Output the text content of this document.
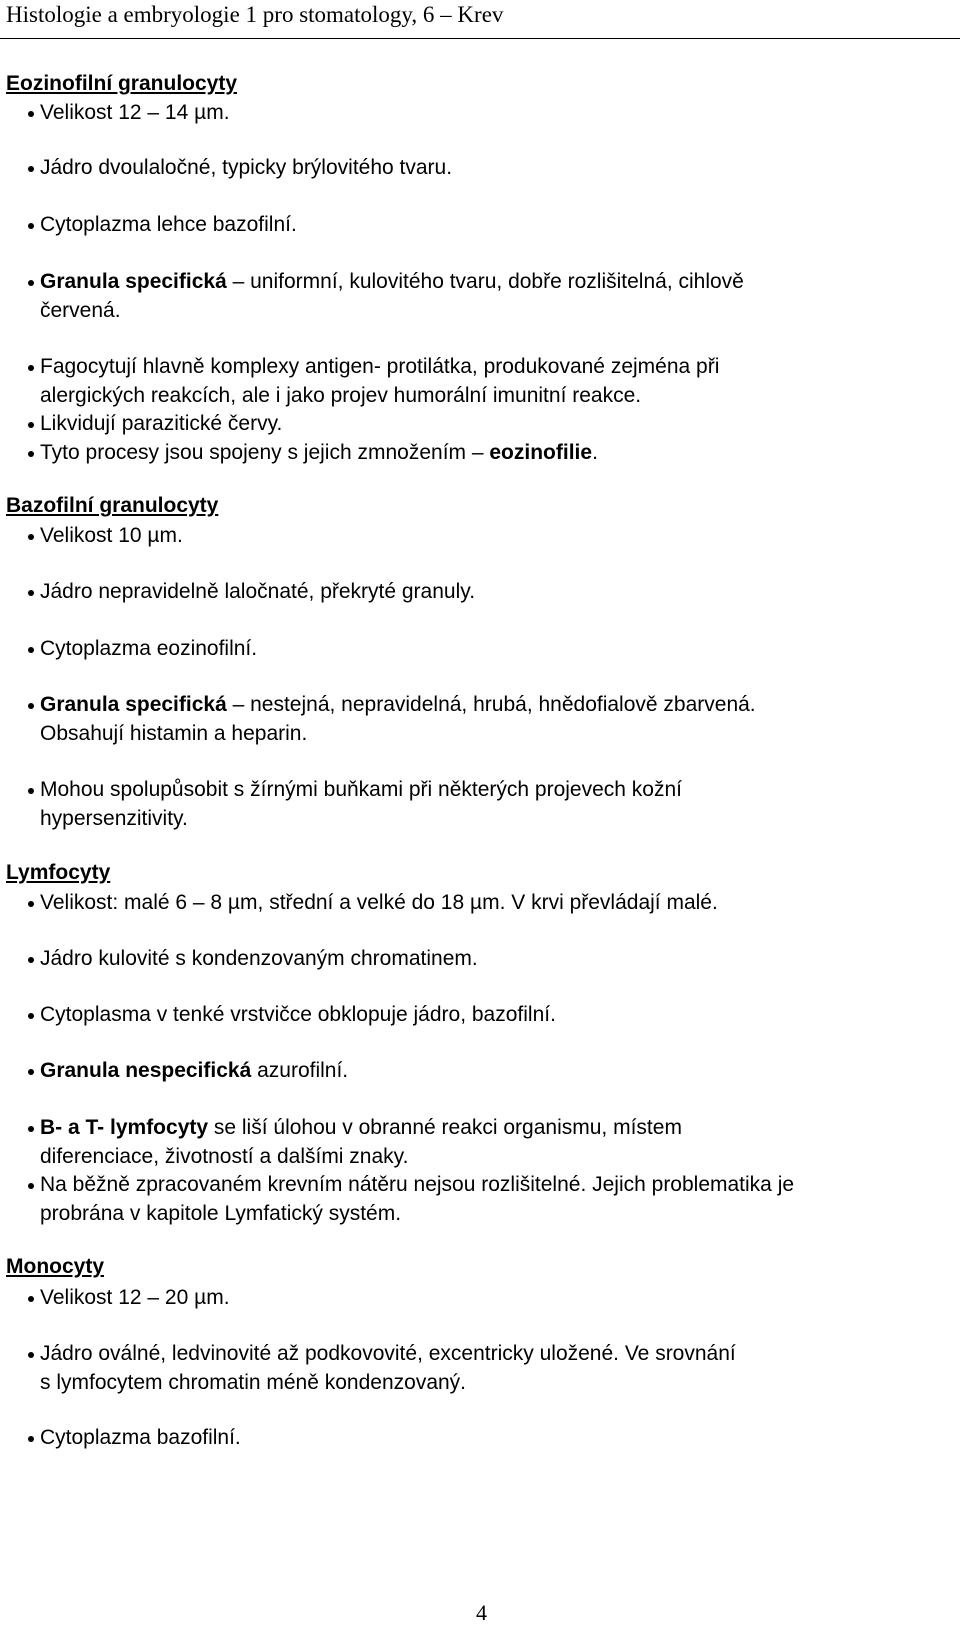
Histologie a embryologie 1 pro stomatology, 6 – Krev
Eozinofilní granulocyty
Velikost 12 – 14 µm.
Jádro dvoulaločné, typicky brýlovitého tvaru.
Cytoplazma lehce bazofilní.
Granula specifická – uniformní, kulovitého tvaru, dobře rozlišitelná, cihlově
červená.
Fagocytují hlavně komplexy antigen- protilátka, produkované zejména při
alergických reakcích, ale i jako projev humorální imunitní reakce.
Likvidují parazitické červy.
Tyto procesy jsou spojeny s jejich zmnožením – eozinofilie.
Bazofilní granulocyty
Velikost 10 µm.
Jádro nepravidelně laločnaté, překryté granuly.
Cytoplazma eozinofilní.
Granula specifická – nestejná, nepravidelná, hrubá, hnědofialově zbarvená.
Obsahují histamin a heparin.
Mohou spolupůsobit s žírnými buňkami při některých projevech kožní
hypersenzitivity.
Lymfocyty
Velikost: malé 6 – 8 µm, střední a velké do 18 µm. V krvi převládají malé.
Jádro kulovité s kondenzovaným chromatinem.
Cytoplasma v tenké vrstvičce obklopuje jádro, bazofilní.
Granula nespecifická azurofilní.
B- a T- lymfocyty se liší úlohou v obranné reakci organismu, místem
diferenciace, životností a dalšími znaky.
Na běžně zpracovaném krevním nátěru nejsou rozlišitelné. Jejich problematika je
probrána v kapitole Lymfatický systém.
Monocyty
Velikost 12 – 20 µm.
Jádro oválné, ledvinovité až podkovovité, excentricky uložené. Ve srovnání
s lymfocytem chromatin méně kondenzovaný.
Cytoplazma bazofilní.
4
